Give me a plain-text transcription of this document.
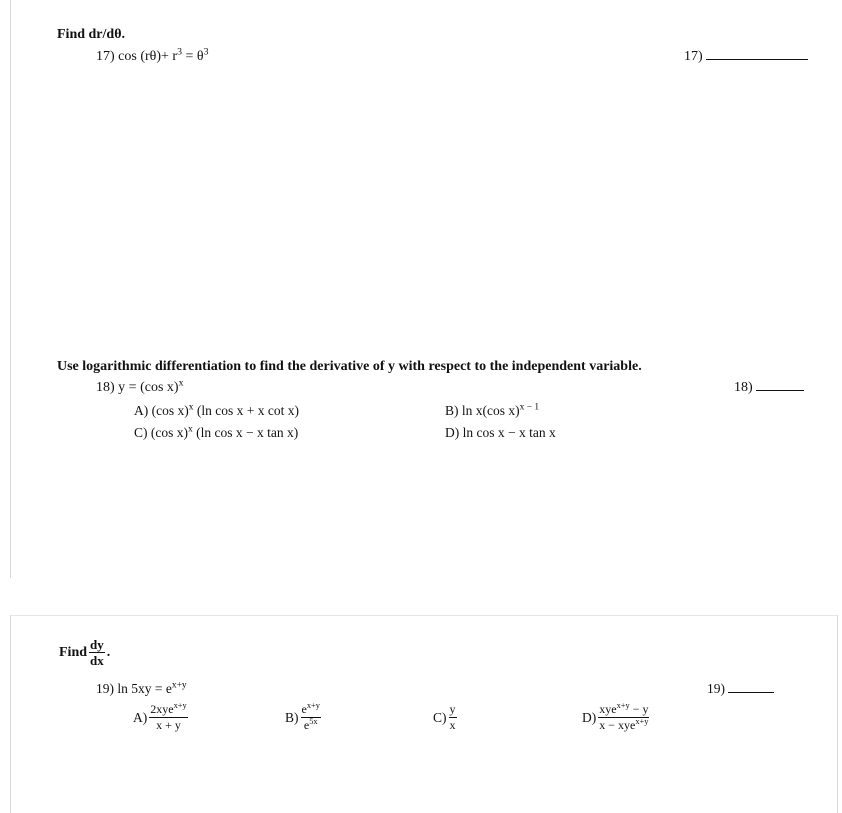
Find dr/dθ.
17) $\cos (r\theta)+ r^3 = \theta^3$	17)
Use logarithmic differentiation to find the derivative of y with respect to the independent variable.
18) y = (cos x)$^x$	18)
A) (cos x)$^x$ (ln cos x + x cot x)	B) ln x(cos x)$^{x - 1}$
C) (cos x)$^x$ (ln cos x − x tan x)	D) ln cos x − x tan x
Find $\frac{dy}{dx}$ .
19) $\ln 5xy = e^{x+y}$	19)
$A) \frac{2xye^{x+y}}{x + y}$	$B) \frac{e^{x+y}}{e^{5x}}$	$C) \frac{y}{x}$	$D) \frac{xye^{x+y} - y}{x - xye^{x+y}}$
